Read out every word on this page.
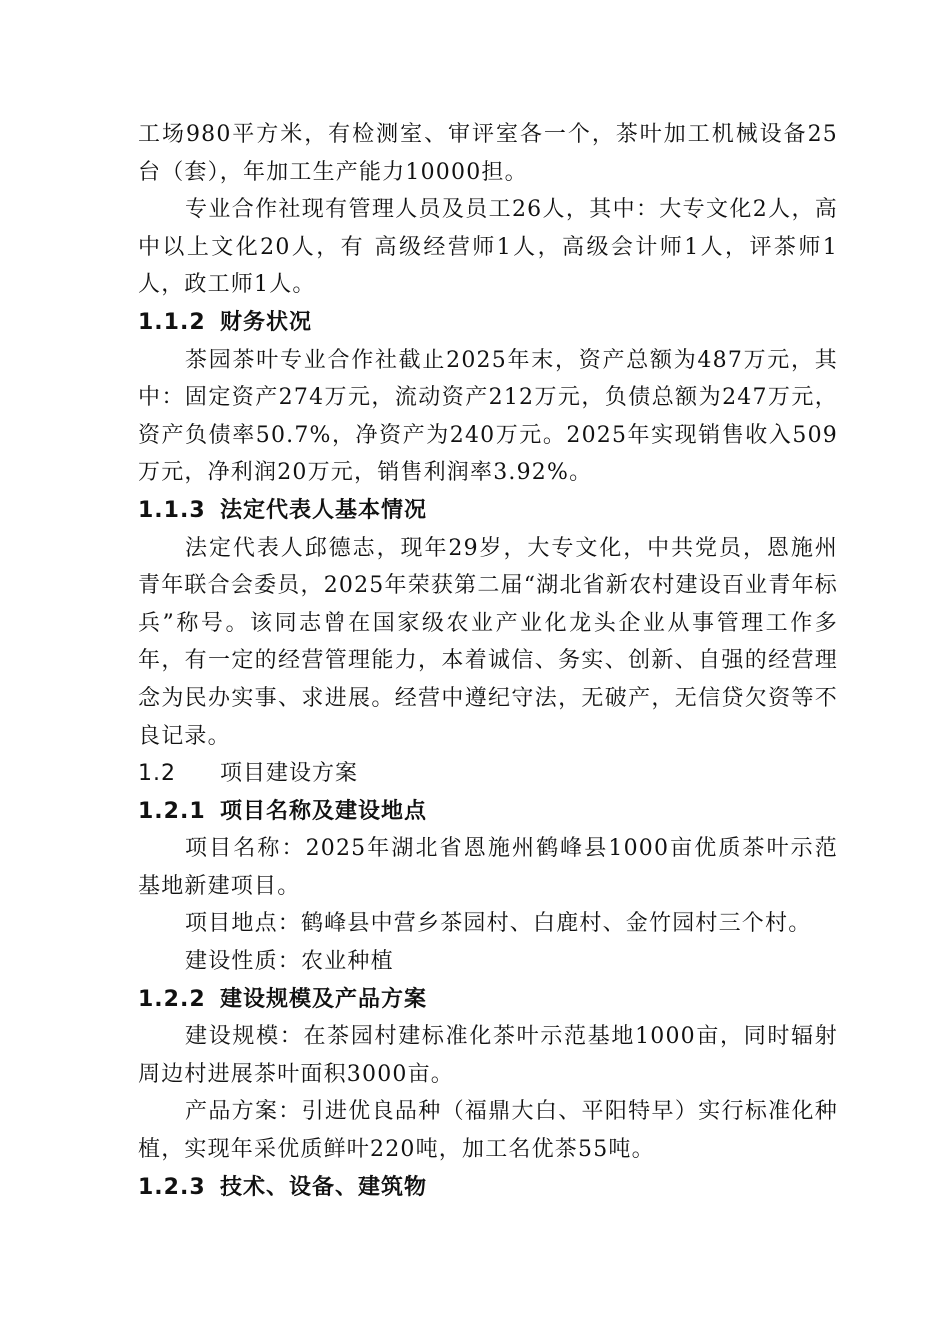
工场980平方米，有检测室、审评室各一个，茶叶加工机械设备25台（套），年加工生产能力10000担。

专业合作社现有管理人员及员工26人，其中：大专文化2人，高中以上文化20人，有 高级经营师1人，高级会计师1人，评茶师1人，政工师1人。

1.1.2 财务状况

茶园茶叶专业合作社截止2025年末，资产总额为487万元，其中：固定资产274万元，流动资产212万元，负债总额为247万元，资产负债率50.7%，净资产为240万元。2025年实现销售收入509万元，净利润20万元，销售利润率3.92%。

1.1.3 法定代表人基本情况

法定代表人邱德志，现年29岁，大专文化，中共党员，恩施州青年联合会委员，2025年荣获第二届“湖北省新农村建设百业青年标兵”称号。该同志曾在国家级农业产业化龙头企业从事管理工作多年，有一定的经营管理能力，本着诚信、务实、创新、自强的经营理念为民办实事、求进展。经营中遵纪守法，无破产，无信贷欠资等不良记录。

1.2 项目建设方案
1.2.1 项目名称及建设地点

项目名称：2025年湖北省恩施州鹤峰县1000亩优质茶叶示范基地新建项目。

项目地点：鹤峰县中营乡茶园村、白鹿村、金竹园村三个村。

建设性质：农业种植

1.2.2 建设规模及产品方案

建设规模：在茶园村建标准化茶叶示范基地1000亩，同时辐射周边村进展茶叶面积3000亩。

产品方案：引进优良品种（福鼎大白、平阳特早）实行标准化种植，实现年采优质鲜叶220吨，加工名优茶55吨。

1.2.3 技术、设备、建筑物
